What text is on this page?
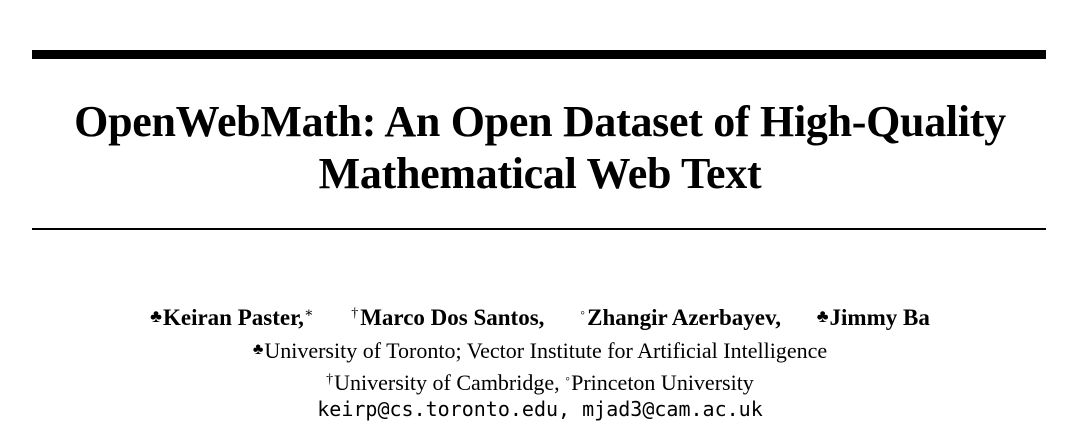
OpenWebMath: An Open Dataset of High-Quality
Mathematical Web Text
♣Keiran Paster,∗	†Marco Dos Santos,	◦Zhangir Azerbayev, ♣Jimmy Ba
♣University of Toronto; Vector Institute for Artificial Intelligence
†University of Cambridge, ◦Princeton University
keirp@cs.toronto.edu, mjad3@cam.ac.uk
